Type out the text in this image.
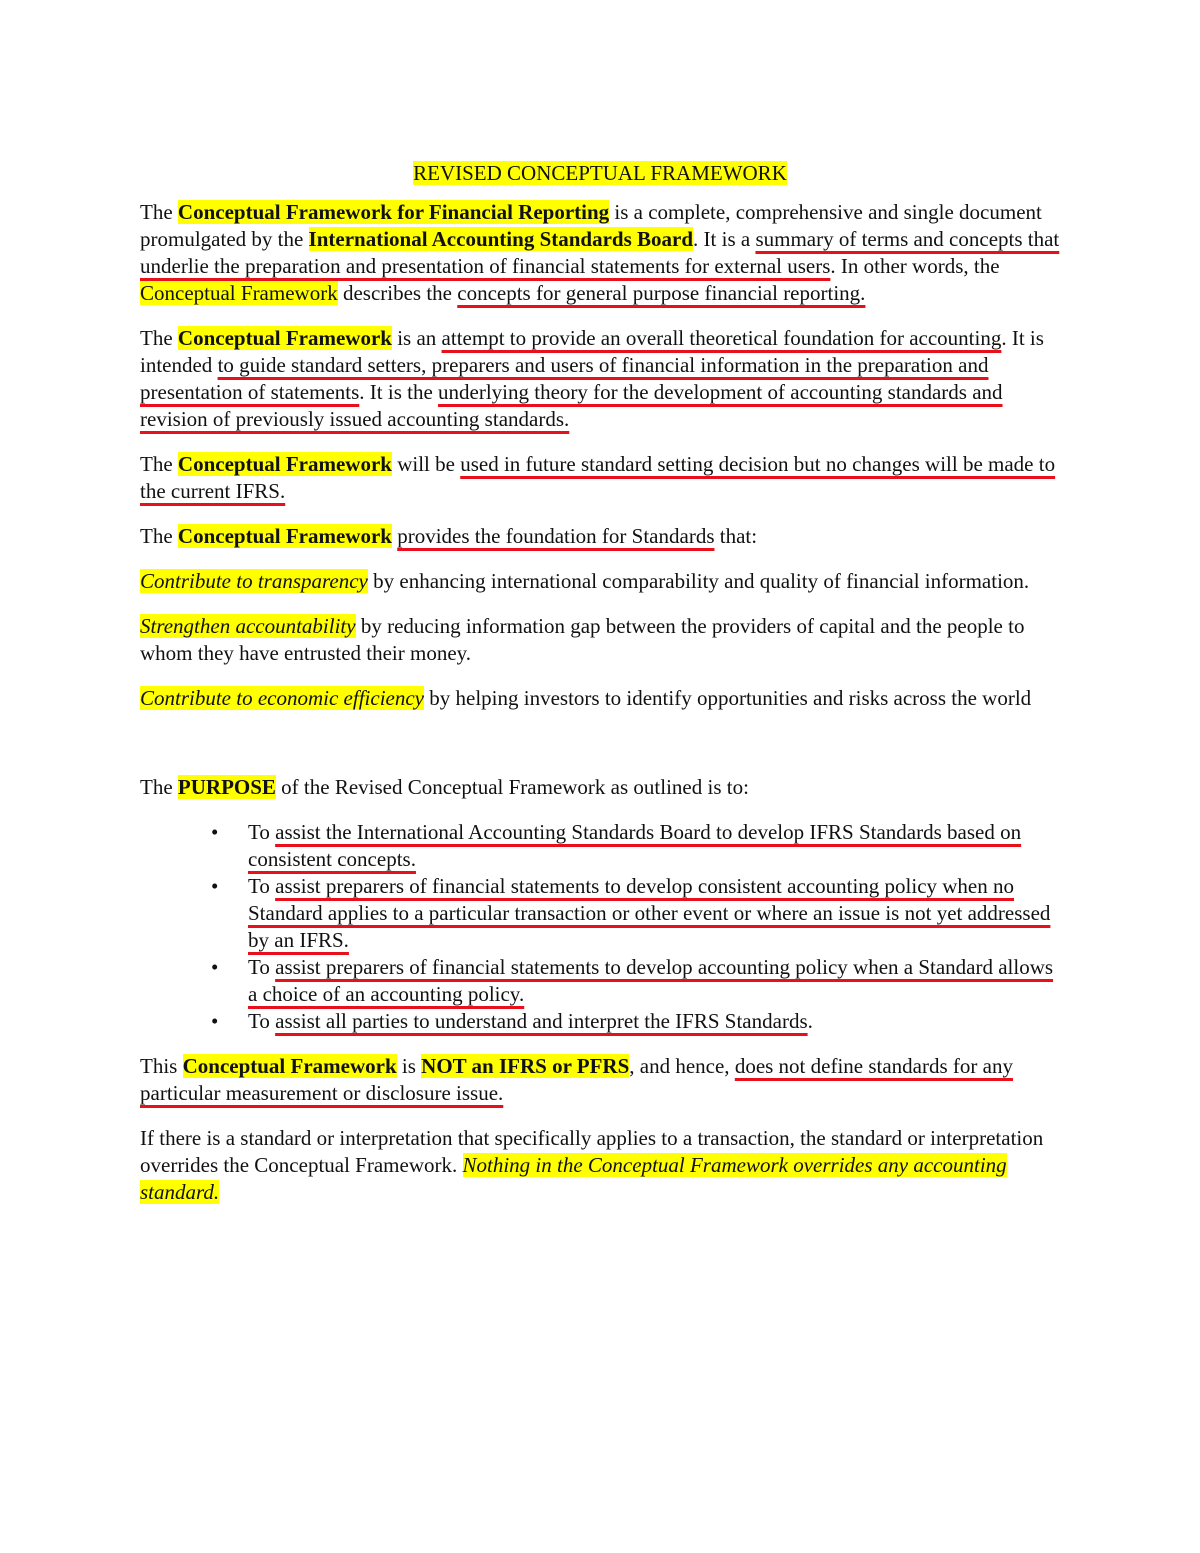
REVISED CONCEPTUAL FRAMEWORK

The Conceptual Framework for Financial Reporting is a complete, comprehensive and single document promulgated by the International Accounting Standards Board. It is a summary of terms and concepts that underlie the preparation and presentation of financial statements for external users. In other words, the Conceptual Framework describes the concepts for general purpose financial reporting.

The Conceptual Framework is an attempt to provide an overall theoretical foundation for accounting. It is intended to guide standard setters, preparers and users of financial information in the preparation and presentation of statements. It is the underlying theory for the development of accounting standards and revision of previously issued accounting standards.

The Conceptual Framework will be used in future standard setting decision but no changes will be made to the current IFRS.

The Conceptual Framework provides the foundation for Standards that:

Contribute to transparency by enhancing international comparability and quality of financial information.

Strengthen accountability by reducing information gap between the providers of capital and the people to whom they have entrusted their money.

Contribute to economic efficiency by helping investors to identify opportunities and risks across the world

The PURPOSE of the Revised Conceptual Framework as outlined is to:

• To assist the International Accounting Standards Board to develop IFRS Standards based on consistent concepts.
• To assist preparers of financial statements to develop consistent accounting policy when no Standard applies to a particular transaction or other event or where an issue is not yet addressed by an IFRS.
• To assist preparers of financial statements to develop accounting policy when a Standard allows a choice of an accounting policy.
• To assist all parties to understand and interpret the IFRS Standards.

This Conceptual Framework is NOT an IFRS or PFRS, and hence, does not define standards for any particular measurement or disclosure issue.

If there is a standard or interpretation that specifically applies to a transaction, the standard or interpretation overrides the Conceptual Framework. Nothing in the Conceptual Framework overrides any accounting standard.
